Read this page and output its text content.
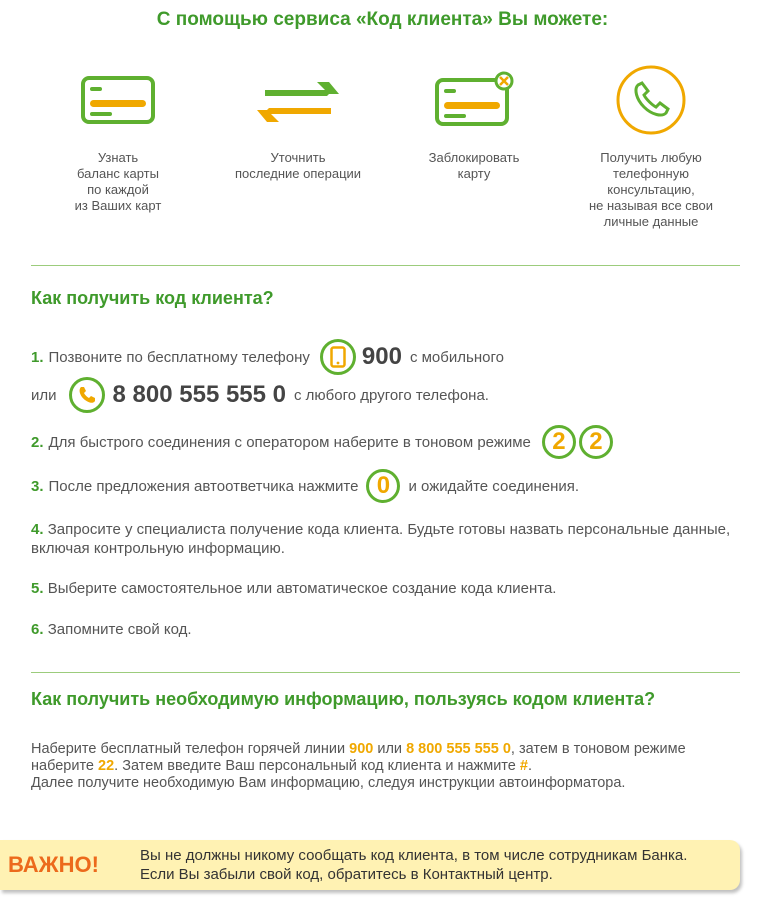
С помощью сервиса «Код клиента» Вы можете:
Узнать
баланс карты
по каждой
из Ваших карт
Уточнить
последние операции
Заблокировать
карту
Получить любую
телефонную
консультацию,
не называя все свои
личные данные
Как получить код клиента?
1. Позвоните по бесплатному телефону 900 с мобильного
или 8 800 555 555 0 с любого другого телефона.
2. Для быстрого соединения с оператором наберите в тоновом режиме 2 2
3. После предложения автоответчика нажмите 0	и ожидайте соединения.
4. Запросите у специалиста получение кода клиента. Будьте готовы назвать персональные данные, включая контрольную информацию.
5. Выберите самостоятельное или автоматическое создание кода клиента.
6. Запомните свой код.
Как получить необходимую информацию, пользуясь кодом клиента?
Наберите бесплатный телефон горячей линии 900 или 8 800 555 555 0, затем в тоновом режиме наберите 22. Затем введите Ваш персональный код клиента и нажмите #.
Далее получите необходимую Вам информацию, следуя инструкции автоинформатора.
ВАЖНО!	Вы не должны никому сообщать код клиента, в том числе сотрудникам Банка.
Если Вы забыли свой код, обратитесь в Контактный центр.
